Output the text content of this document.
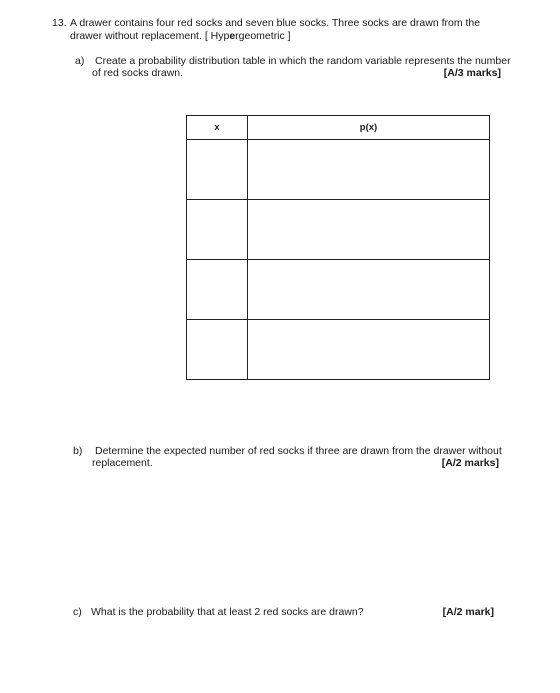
13. A drawer contains four red socks and seven blue socks. Three socks are drawn from the
drawer without replacement. [ Hypergeometric ]
a) Create a probability distribution table in which the random variable represents the number
of red socks drawn.	[A/3 marks]
x	p(x)

b) Determine the expected number of red socks if three are drawn from the drawer without
replacement.	[A/2 marks]
c) What is the probability that at least 2 red socks are drawn?	[A/2 mark]
